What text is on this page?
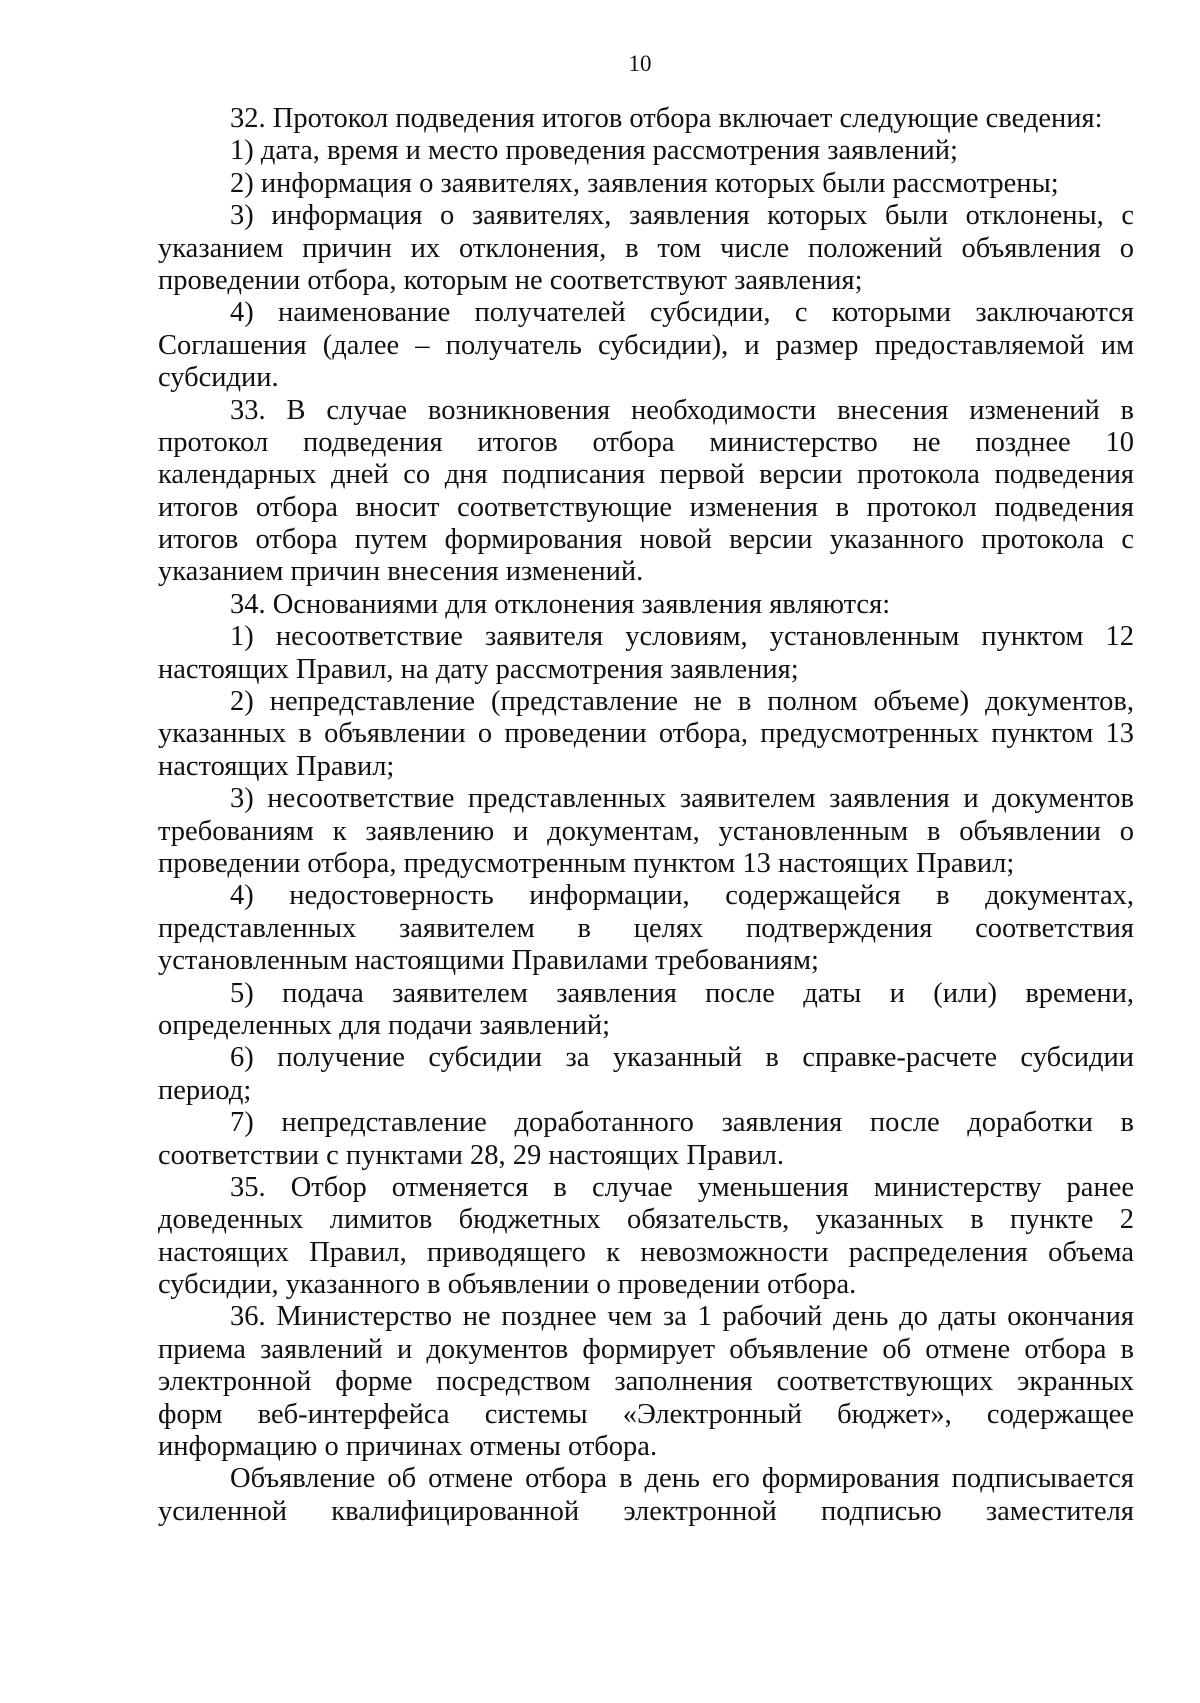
10
32. Протокол подведения итогов отбора включает следующие сведения:
1) дата, время и место проведения рассмотрения заявлений;
2) информация о заявителях, заявления которых были рассмотрены;
3) информация о заявителях, заявления которых были отклонены, с
указанием причин их отклонения, в том числе положений объявления о
проведении отбора, которым не соответствуют заявления;
4) наименование получателей субсидии, с которыми заключаются
Соглашения (далее – получатель субсидии), и размер предоставляемой им
субсидии.
33. В случае возникновения необходимости внесения изменений в
протокол подведения итогов отбора министерство не позднее 10
календарных дней со дня подписания первой версии протокола подведения
итогов отбора вносит соответствующие изменения в протокол подведения
итогов отбора путем формирования новой версии указанного протокола с
указанием причин внесения изменений.
34. Основаниями для отклонения заявления являются:
1) несоответствие заявителя условиям, установленным пунктом 12
настоящих Правил, на дату рассмотрения заявления;
2) непредставление (представление не в полном объеме) документов,
указанных в объявлении о проведении отбора, предусмотренных пунктом 13
настоящих Правил;
3) несоответствие представленных заявителем заявления и документов
требованиям к заявлению и документам, установленным в объявлении о
проведении отбора, предусмотренным пунктом 13 настоящих Правил;
4) недостоверность информации, содержащейся в документах,
представленных заявителем в целях подтверждения соответствия
установленным настоящими Правилами требованиям;
5) подача заявителем заявления после даты и (или) времени,
определенных для подачи заявлений;
6) получение субсидии за указанный в справке-расчете субсидии
период;
7) непредставление доработанного заявления после доработки в
соответствии с пунктами 28, 29 настоящих Правил.
35. Отбор отменяется в случае уменьшения министерству ранее
доведенных лимитов бюджетных обязательств, указанных в пункте 2
настоящих Правил, приводящего к невозможности распределения объема
субсидии, указанного в объявлении о проведении отбора.
36. Министерство не позднее чем за 1 рабочий день до даты окончания
приема заявлений и документов формирует объявление об отмене отбора в
электронной форме посредством заполнения соответствующих экранных
форм веб-интерфейса системы «Электронный бюджет», содержащее
информацию о причинах отмены отбора.
Объявление об отмене отбора в день его формирования подписывается
усиленной квалифицированной электронной подписью заместителя
